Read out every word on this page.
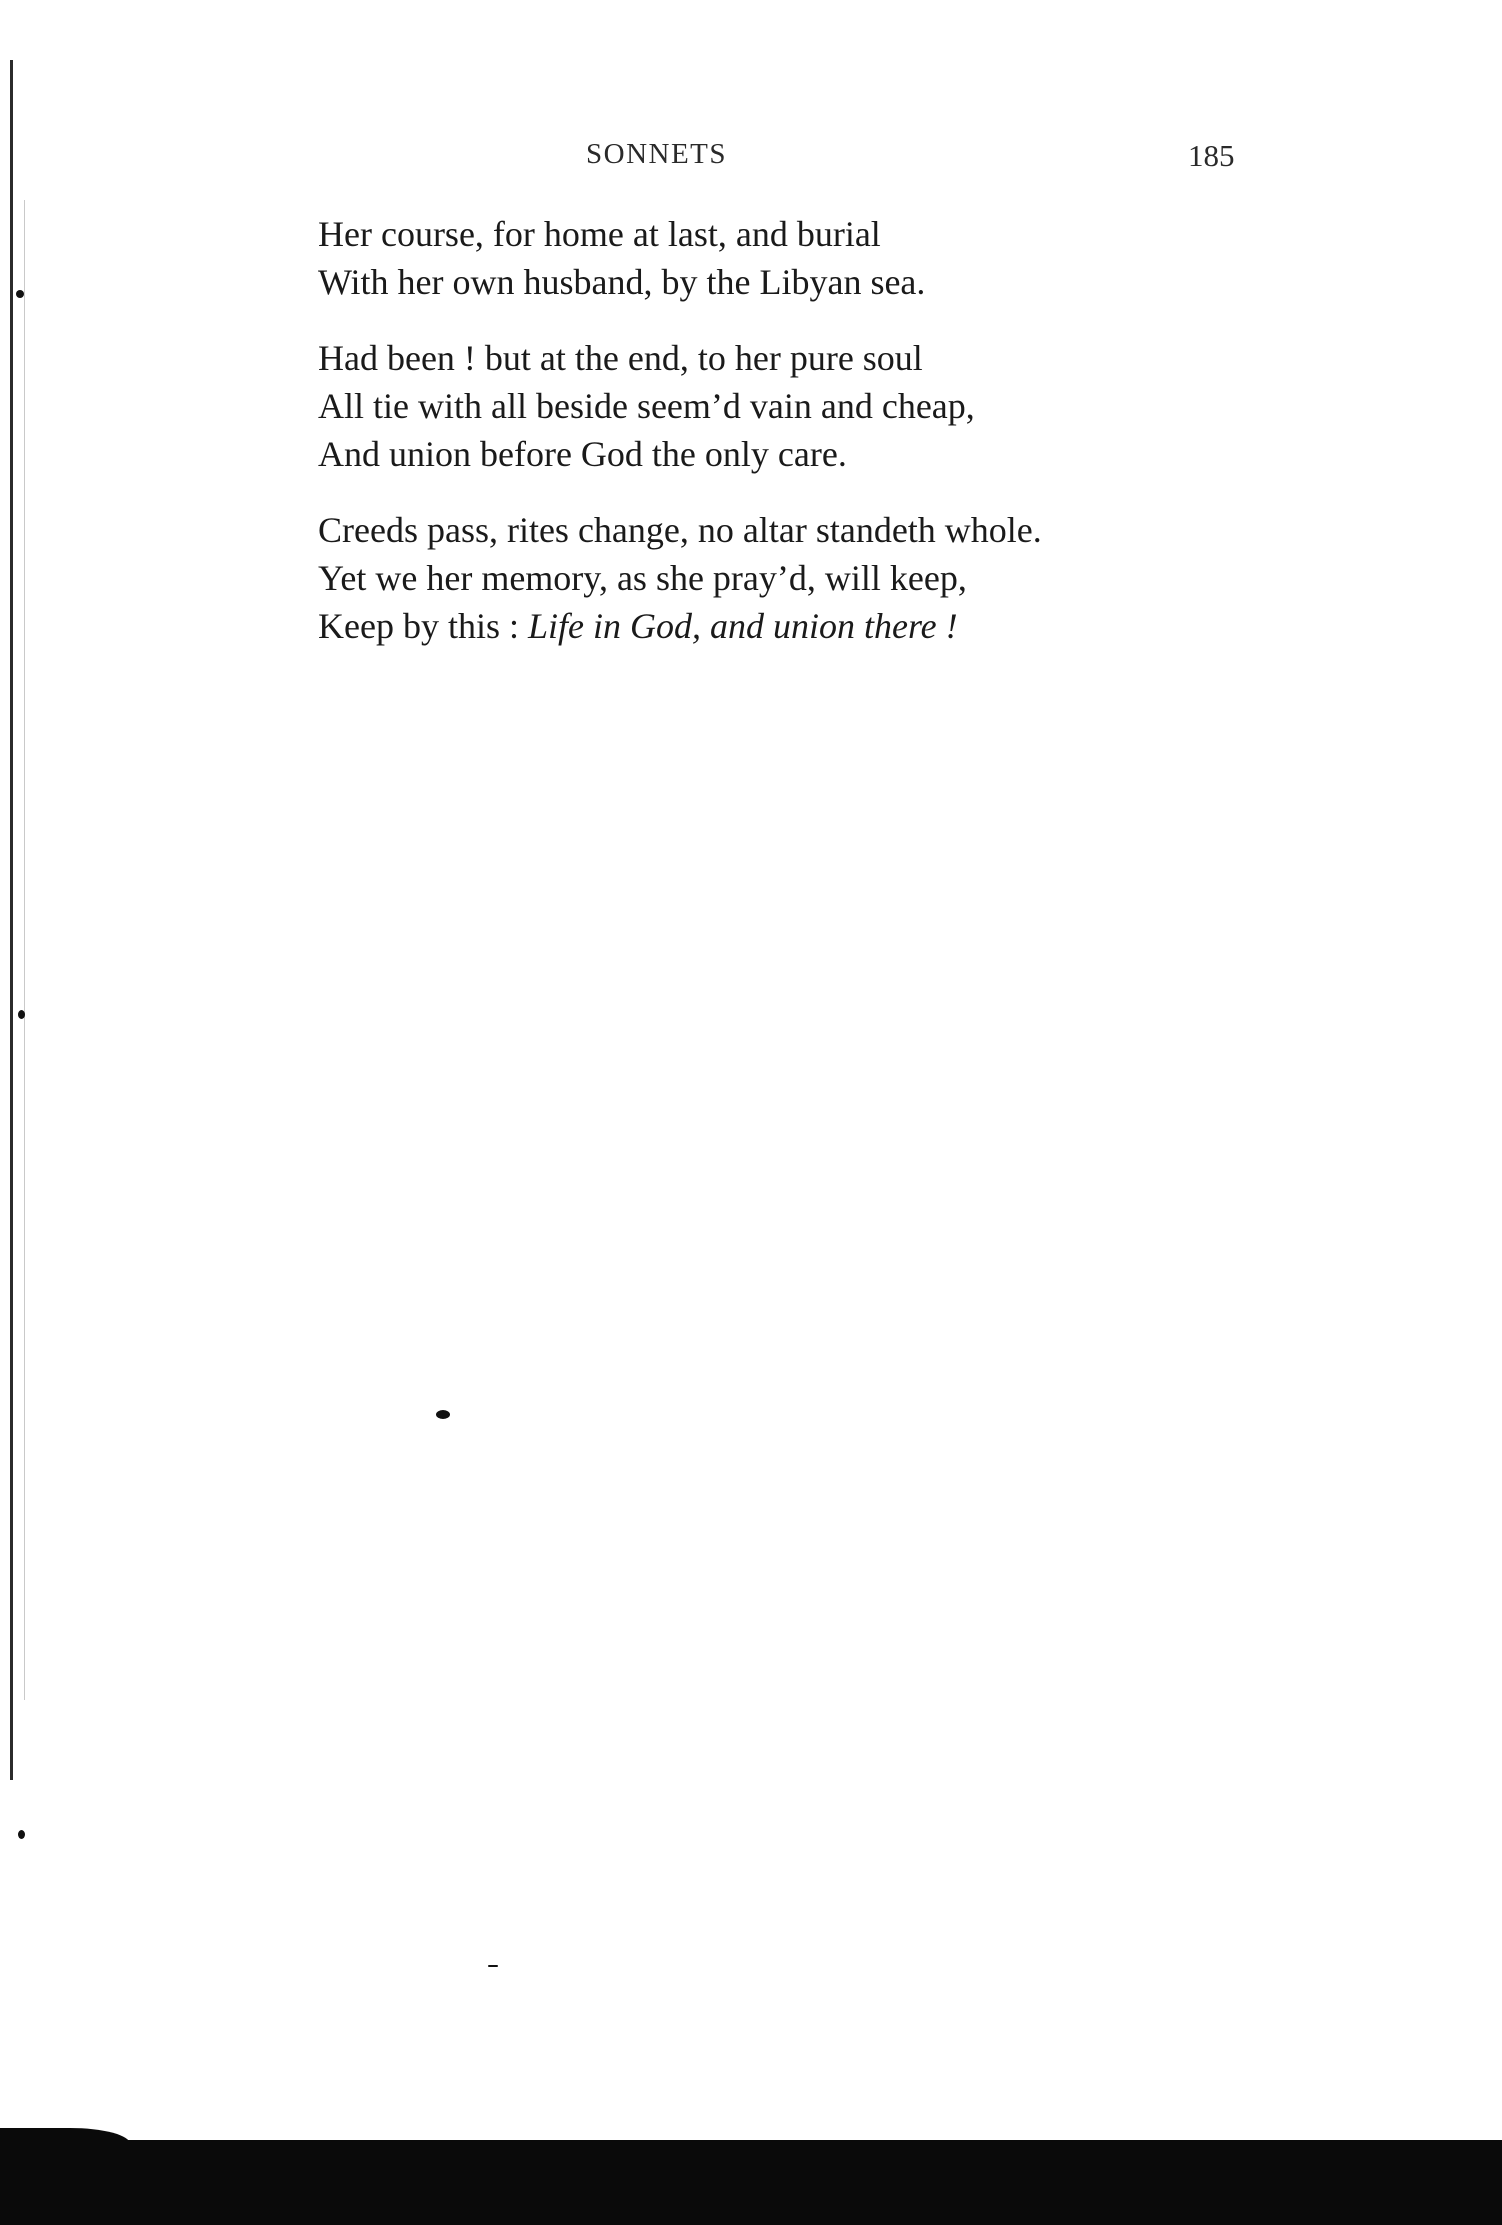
SONNETS	185
Her course, for home at last, and burial
With her own husband, by the Libyan sea.
Had been ! but at the end, to her pure soul
All tie with all beside seem’d vain and cheap,
And union before God the only care.
Creeds pass, rites change, no altar standeth whole.
Yet we her memory, as she pray’d, will keep,
Keep by this : Life in God, and union there !
